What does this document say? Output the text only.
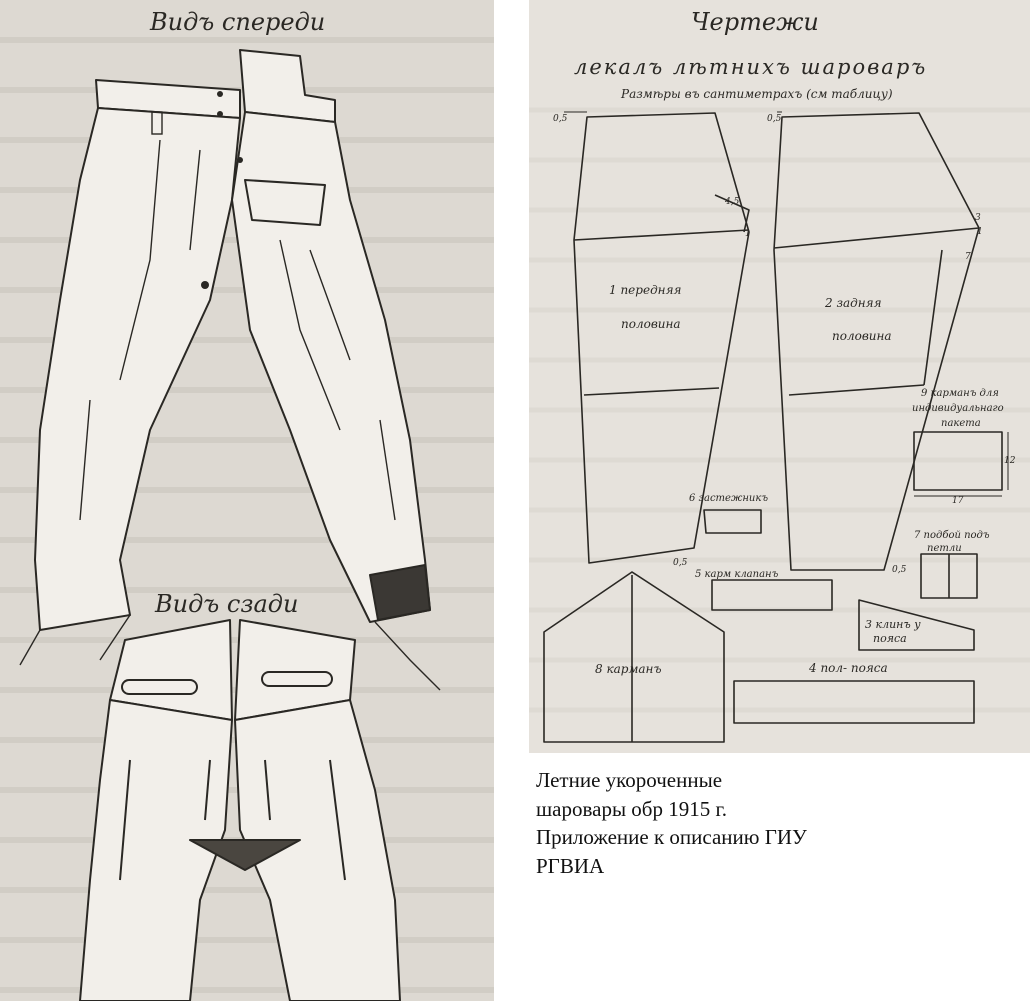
Видъ спереди
Видъ сзади
Чертежи
лекалъ лѣтнихъ шароваръ
Размѣры въ сантиметрахъ (см таблицу)
1 передняя
половина
2 задняя
половина
9 карманъ для
индивидуальнаго
пакета
6 застежникъ
5 карм клапанъ
7 подбой подъ
петли
3 клинъ у
пояса
8 карманъ	4 пол- пояса
0,5	0,5
0,5
0,5
4,5
3
1	1
7
12
17
Летние укороченные
шаровары обр 1915 г.
Приложение к описанию ГИУ
РГВИА
